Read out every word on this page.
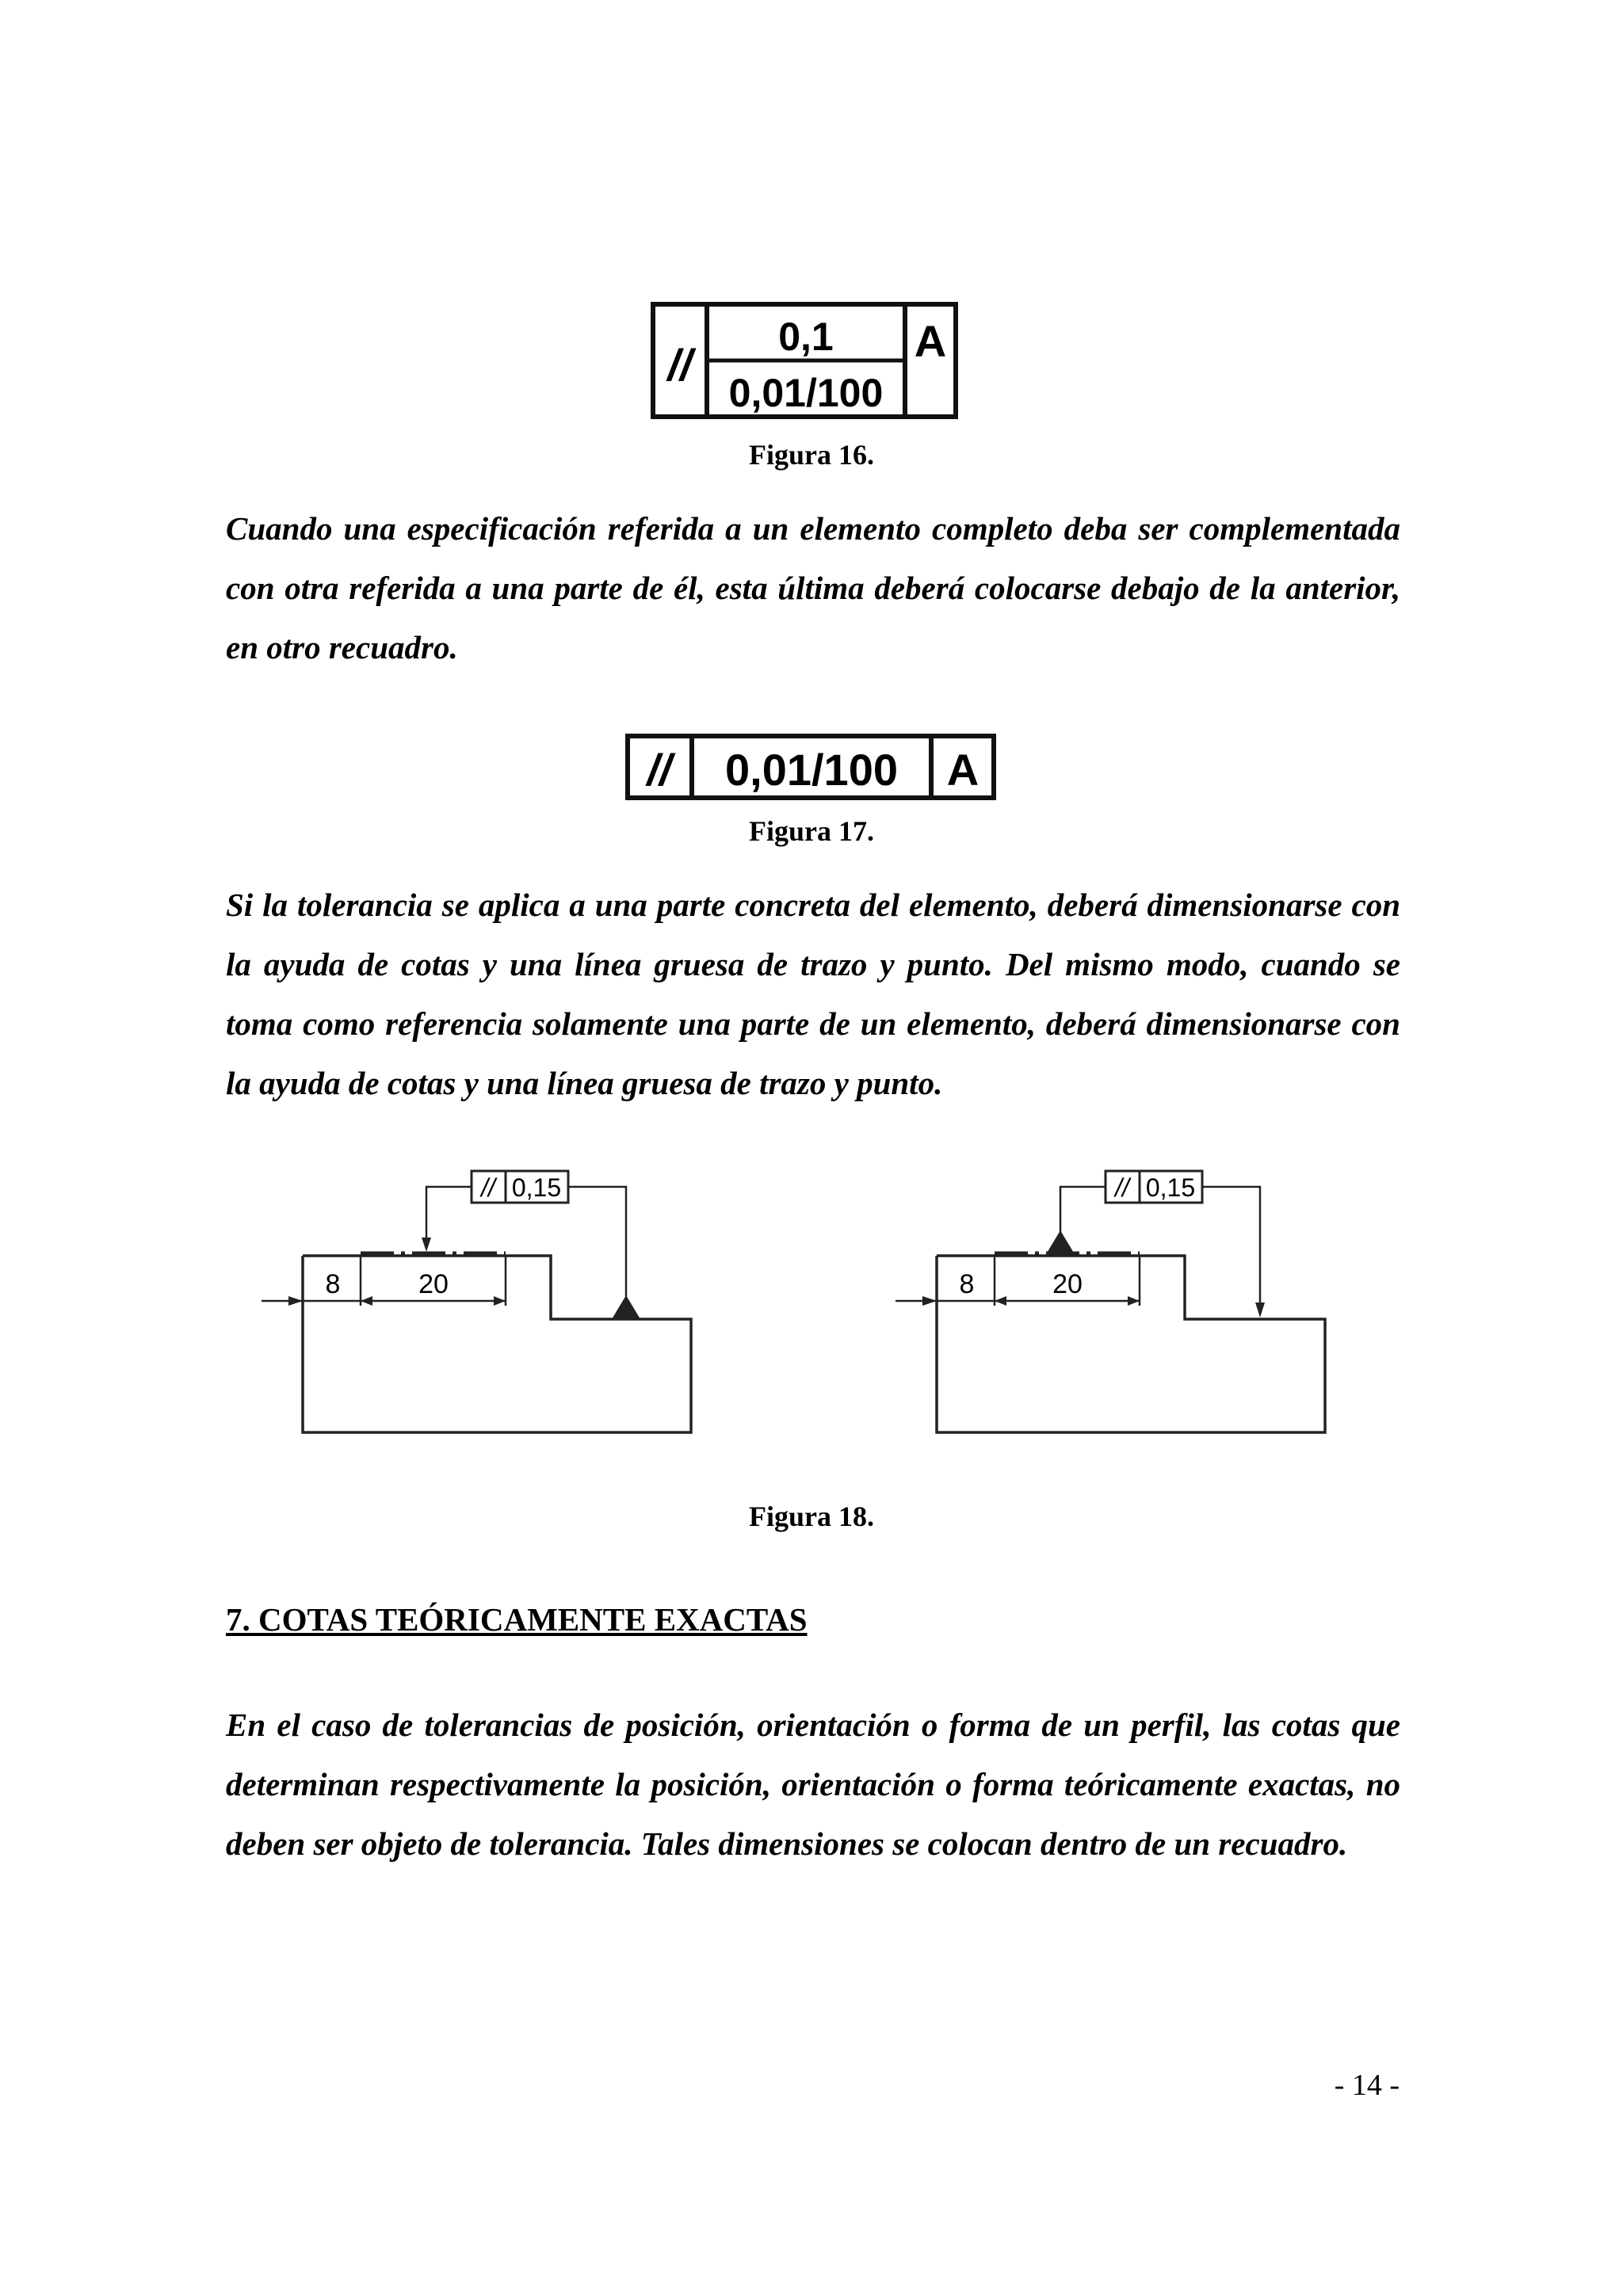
//
0,1
0,01/100
A
Figura 16.

Cuando una especificación referida a un elemento completo deba ser complementada con otra referida a una parte de él, esta última deberá colocarse debajo de la anterior, en otro recuadro.

// 0,01/100 A
Figura 17.

Si la tolerancia se aplica a una parte concreta del elemento, deberá dimensionarse con la ayuda de cotas y una línea gruesa de trazo y punto. Del mismo modo, cuando se toma como referencia solamente una parte de un elemento, deberá dimensionarse con la ayuda de cotas y una línea gruesa de trazo y punto.

8	20
// 0,15
8	20
// 0,15
Figura 18.
7. COTAS TEÓRICAMENTE EXACTAS

En el caso de tolerancias de posición, orientación o forma de un perfil, las cotas que determinan respectivamente la posición, orientación o forma teóricamente exactas, no deben ser objeto de tolerancia. Tales dimensiones se colocan dentro de un recuadro.

- 14 -
